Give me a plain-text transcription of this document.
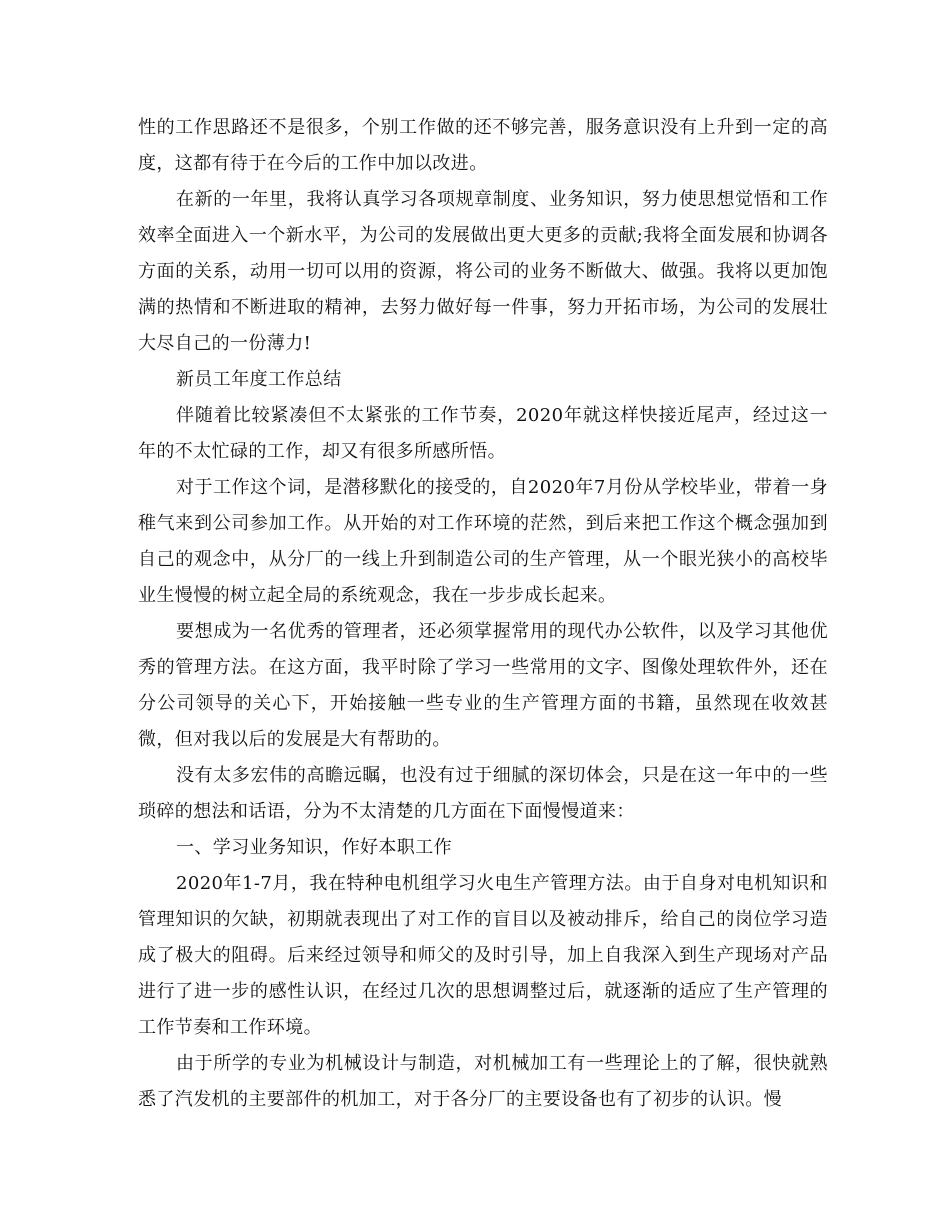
性的工作思路还不是很多，个别工作做的还不够完善，服务意识没有上升到一定的高度，这都有待于在今后的工作中加以改进。

在新的一年里，我将认真学习各项规章制度、业务知识，努力使思想觉悟和工作效率全面进入一个新水平，为公司的发展做出更大更多的贡献;我将全面发展和协调各方面的关系，动用一切可以用的资源，将公司的业务不断做大、做强。我将以更加饱满的热情和不断进取的精神，去努力做好每一件事，努力开拓市场，为公司的发展壮大尽自己的一份薄力!

新员工年度工作总结

伴随着比较紧凑但不太紧张的工作节奏，2020年就这样快接近尾声，经过这一年的不太忙碌的工作，却又有很多所感所悟。

对于工作这个词，是潜移默化的接受的，自2020年7月份从学校毕业，带着一身稚气来到公司参加工作。从开始的对工作环境的茫然，到后来把工作这个概念强加到自己的观念中，从分厂的一线上升到制造公司的生产管理，从一个眼光狭小的高校毕业生慢慢的树立起全局的系统观念，我在一步步成长起来。

要想成为一名优秀的管理者，还必须掌握常用的现代办公软件，以及学习其他优秀的管理方法。在这方面，我平时除了学习一些常用的文字、图像处理软件外，还在分公司领导的关心下，开始接触一些专业的生产管理方面的书籍，虽然现在收效甚微，但对我以后的发展是大有帮助的。

没有太多宏伟的高瞻远瞩，也没有过于细腻的深切体会，只是在这一年中的一些琐碎的想法和话语，分为不太清楚的几方面在下面慢慢道来：

一、学习业务知识，作好本职工作

2020年1-7月，我在特种电机组学习火电生产管理方法。由于自身对电机知识和管理知识的欠缺，初期就表现出了对工作的盲目以及被动排斥，给自己的岗位学习造成了极大的阻碍。后来经过领导和师父的及时引导，加上自我深入到生产现场对产品进行了进一步的感性认识，在经过几次的思想调整过后，就逐渐的适应了生产管理的工作节奏和工作环境。

由于所学的专业为机械设计与制造，对机械加工有一些理论上的了解，很快就熟悉了汽发机的主要部件的机加工，对于各分厂的主要设备也有了初步的认识。慢
